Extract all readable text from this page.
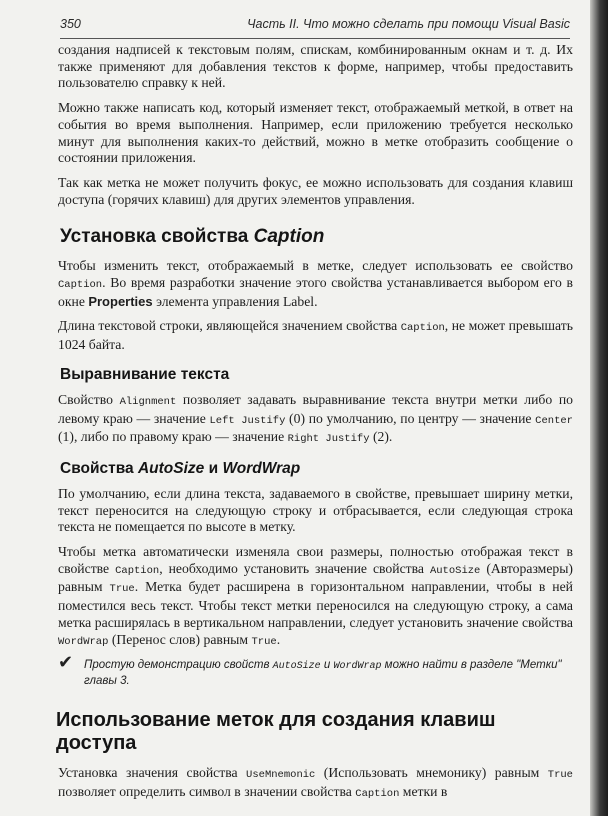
350	Часть II. Что можно сделать при помощи Visual Basic

создания надписей к текстовым полям, спискам, комбинированным окнам и т. д. Их также применяют для добавления текстов к форме, например, чтобы предоставить пользователю справку к ней.

Можно также написать код, который изменяет текст, отображаемый меткой, в ответ на события во время выполнения. Например, если приложению требуется несколько минут для выполнения каких-то действий, можно в метке отобразить сообщение о состоянии приложения.

Так как метка не может получить фокус, ее можно использовать для создания клавиш доступа (горячих клавиш) для других элементов управления.

Установка свойства Caption

Чтобы изменить текст, отображаемый в метке, следует использовать ее свойство Caption. Во время разработки значение этого свойства устанавливается выбором его в окне Properties элемента управления Label.

Длина текстовой строки, являющейся значением свойства Caption, не может превышать 1024 байта.

Выравнивание текста

Свойство Alignment позволяет задавать выравнивание текста внутри метки либо по левому краю — значение Left Justify (0) по умолчанию, по центру — значение Center (1), либо по правому краю — значение Right Justify (2).

Свойства AutoSize и WordWrap

По умолчанию, если длина текста, задаваемого в свойстве, превышает ширину метки, текст переносится на следующую строку и отбрасывается, если следующая строка текста не помещается по высоте в метку.

Чтобы метка автоматически изменяла свои размеры, полностью отображая текст в свойстве Caption, необходимо установить значение свойства AutoSize (Авторазмеры) равным True. Метка будет расширена в горизонтальном направлении, чтобы в ней поместился весь текст. Чтобы текст метки переносился на следующую строку, а сама метка расширялась в вертикальном направлении, следует установить значение свойства WordWrap (Перенос слов) равным True.

✔ Простую демонстрацию свойств AutoSize и WordWrap можно найти в разделе "Метки" главы 3.
Использование меток для создания клавиш доступа

Установка значения свойства UseMnemonic (Использовать мнемонику) равным True позволяет определить символ в значении свойства Caption метки в
